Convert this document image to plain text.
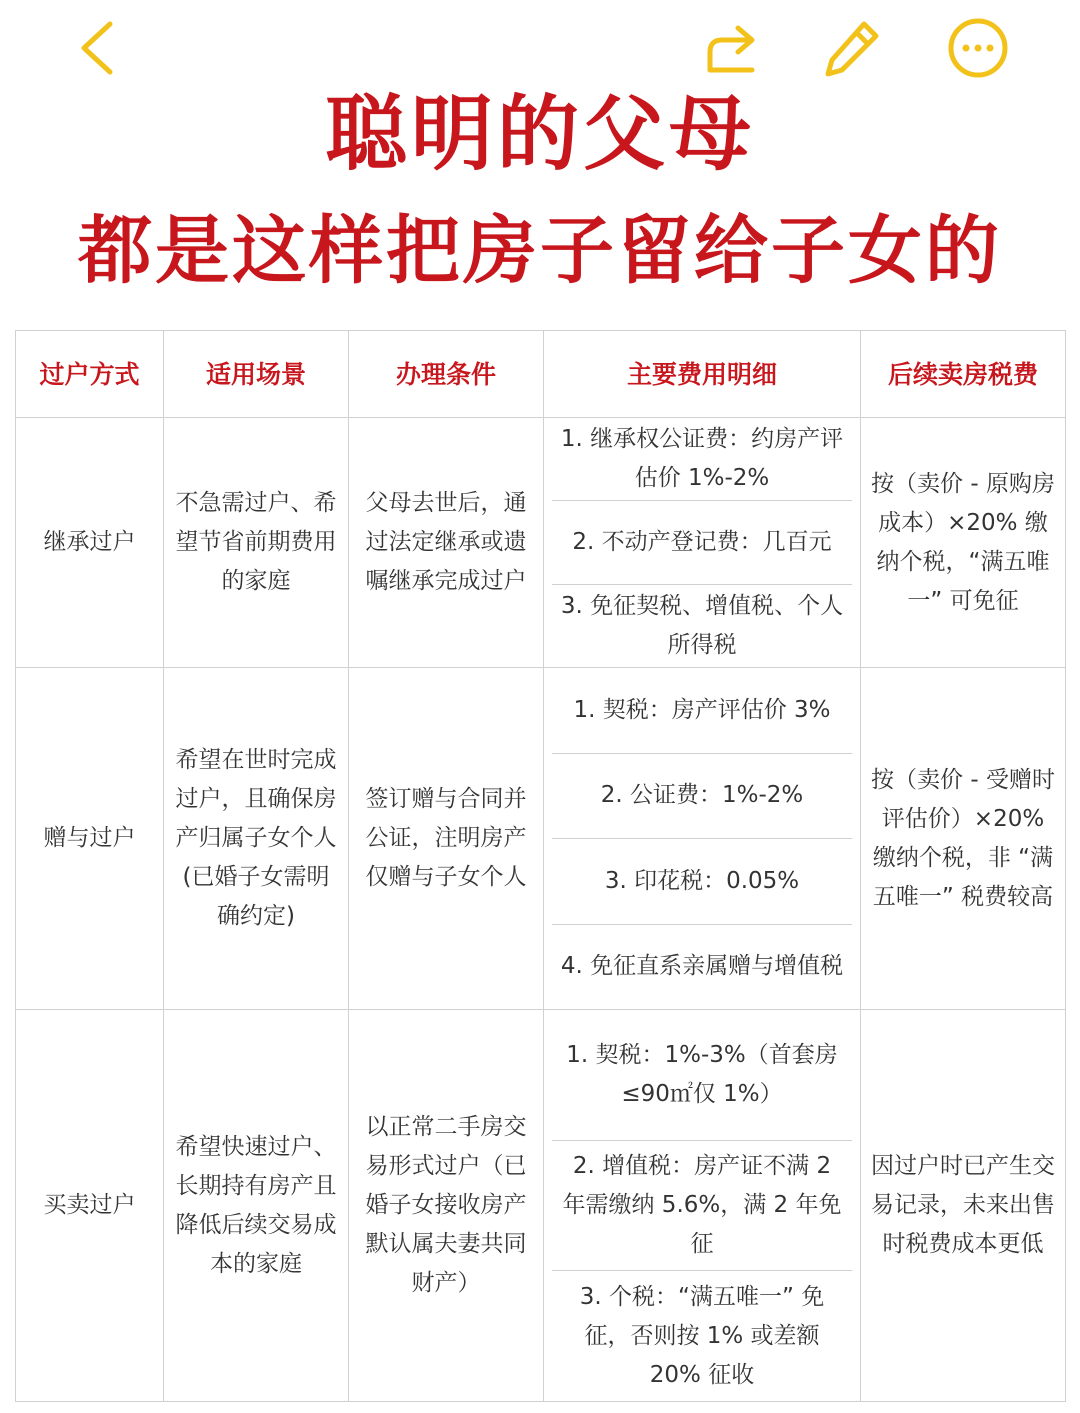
聪明的父母
都是这样把房子留给子女的
过户方式	适用场景	办理条件	主要费用明细	后续卖房税费
继承过户	不急需过户、希望节省前期费用的家庭	父母去世后，通过法定继承或遗嘱继承完成过户	1. 继承权公证费：约房产评估价 1%-2%
2. 不动产登记费：几百元
3. 免征契税、增值税、个人所得税	按（卖价 - 原购房成本）×20% 缴纳个税，“满五唯一” 可免征
赠与过户	希望在世时完成过户，且确保房产归属子女个人(已婚子女需明确约定)	签订赠与合同并公证，注明房产仅赠与子女个人	1. 契税：房产评估价 3%
2. 公证费：1%-2%
3. 印花税：0.05%
4. 免征直系亲属赠与增值税	按（卖价 - 受赠时评估价）×20% 缴纳个税，非 “满五唯一” 税费较高
买卖过户	希望快速过户、长期持有房产且降低后续交易成本的家庭	以正常二手房交易形式过户（已婚子女接收房产默认属夫妻共同财产）	1. 契税：1%-3%（首套房≤90㎡仅 1%）
2. 增值税：房产证不满 2 年需缴纳 5.6%，满 2 年免征
3. 个税：“满五唯一” 免征，否则按 1% 或差额 20% 征收	因过户时已产生交易记录，未来出售时税费成本更低
